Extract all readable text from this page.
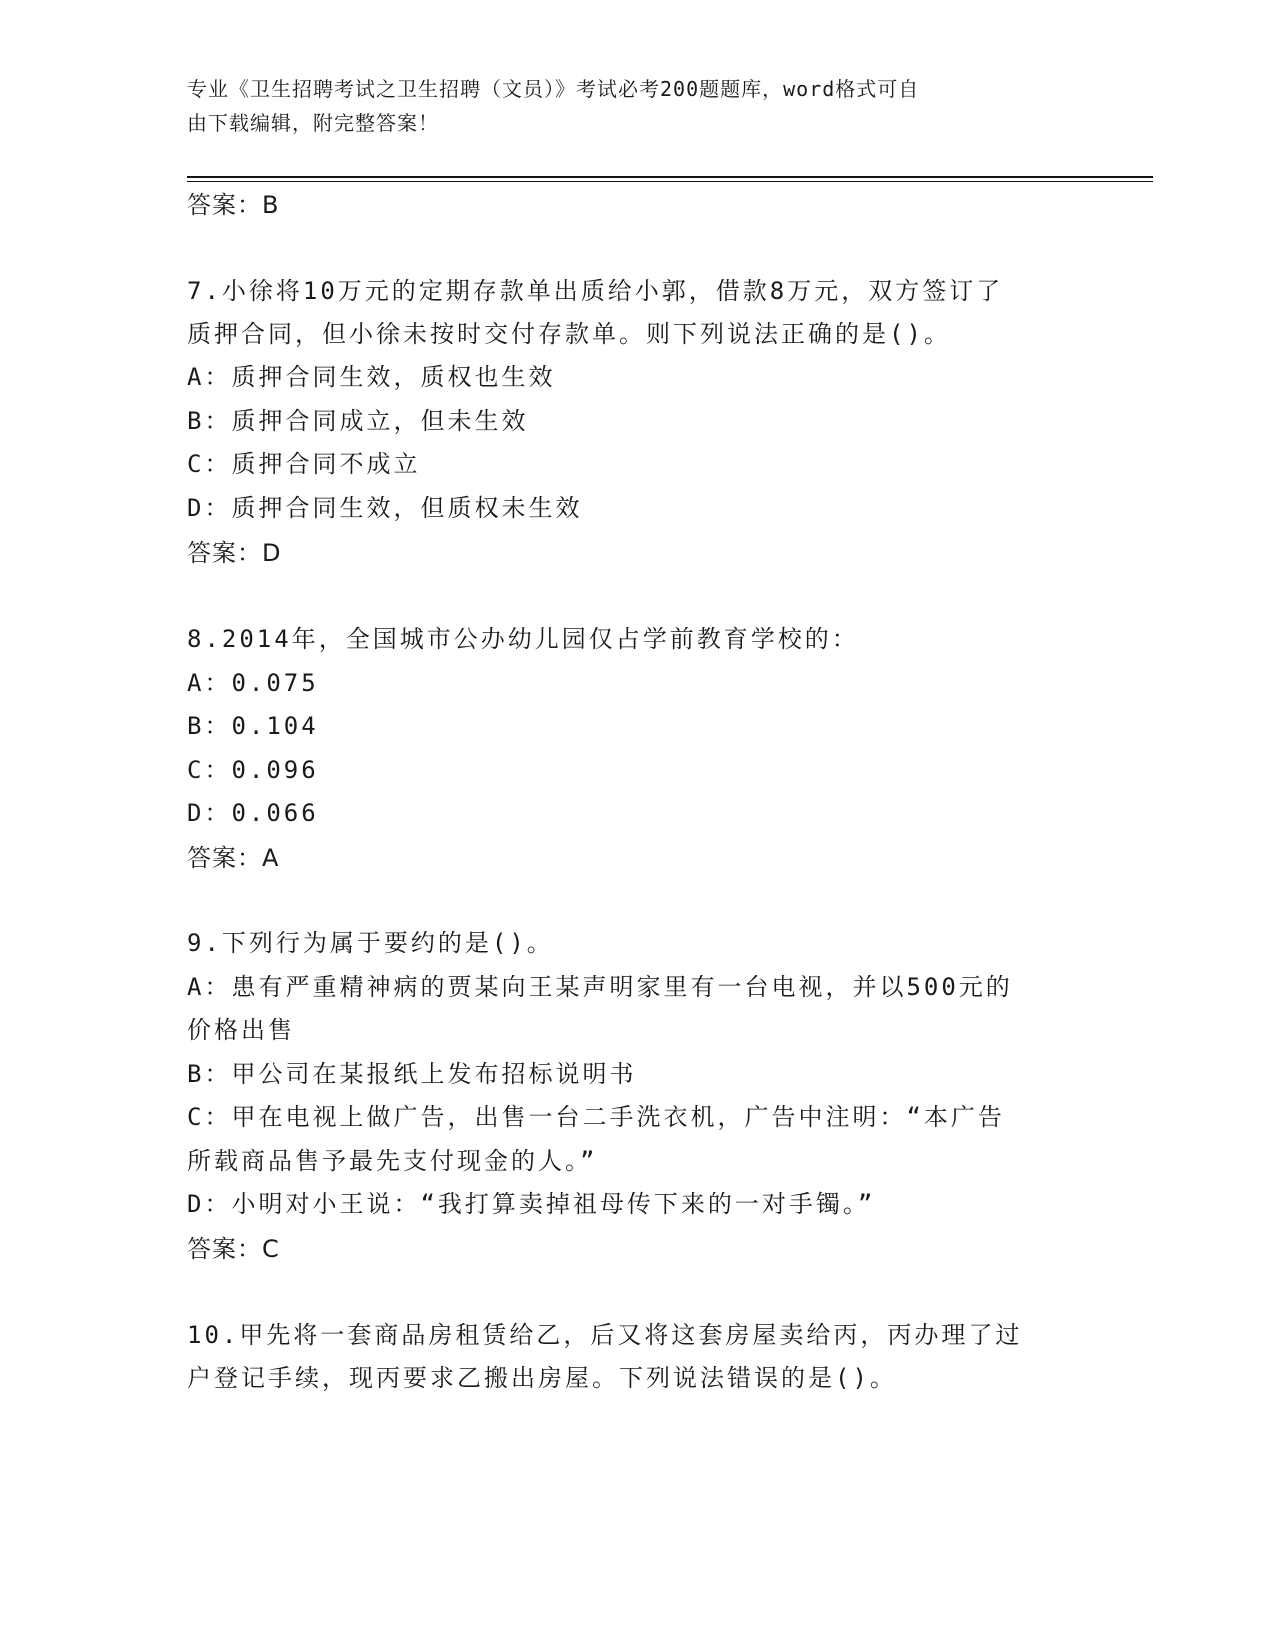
专业《卫生招聘考试之卫生招聘（文员）》考试必考200题题库，word格式可自
由下载编辑，附完整答案！
答案：B
7.小徐将10万元的定期存款单出质给小郭，借款8万元，双方签订了
质押合同，但小徐未按时交付存款单。则下列说法正确的是()。
A：质押合同生效，质权也生效
B：质押合同成立，但未生效
C：质押合同不成立
D：质押合同生效，但质权未生效
答案：D
8.2014年，全国城市公办幼儿园仅占学前教育学校的：
A：0.075
B：0.104
C：0.096
D：0.066
答案：A
9.下列行为属于要约的是()。
A：患有严重精神病的贾某向王某声明家里有一台电视，并以500元的
价格出售
B：甲公司在某报纸上发布招标说明书
C：甲在电视上做广告，出售一台二手洗衣机，广告中注明：“本广告
所载商品售予最先支付现金的人。”
D：小明对小王说：“我打算卖掉祖母传下来的一对手镯。”
答案：C
10.甲先将一套商品房租赁给乙，后又将这套房屋卖给丙，丙办理了过
户登记手续，现丙要求乙搬出房屋。下列说法错误的是()。
